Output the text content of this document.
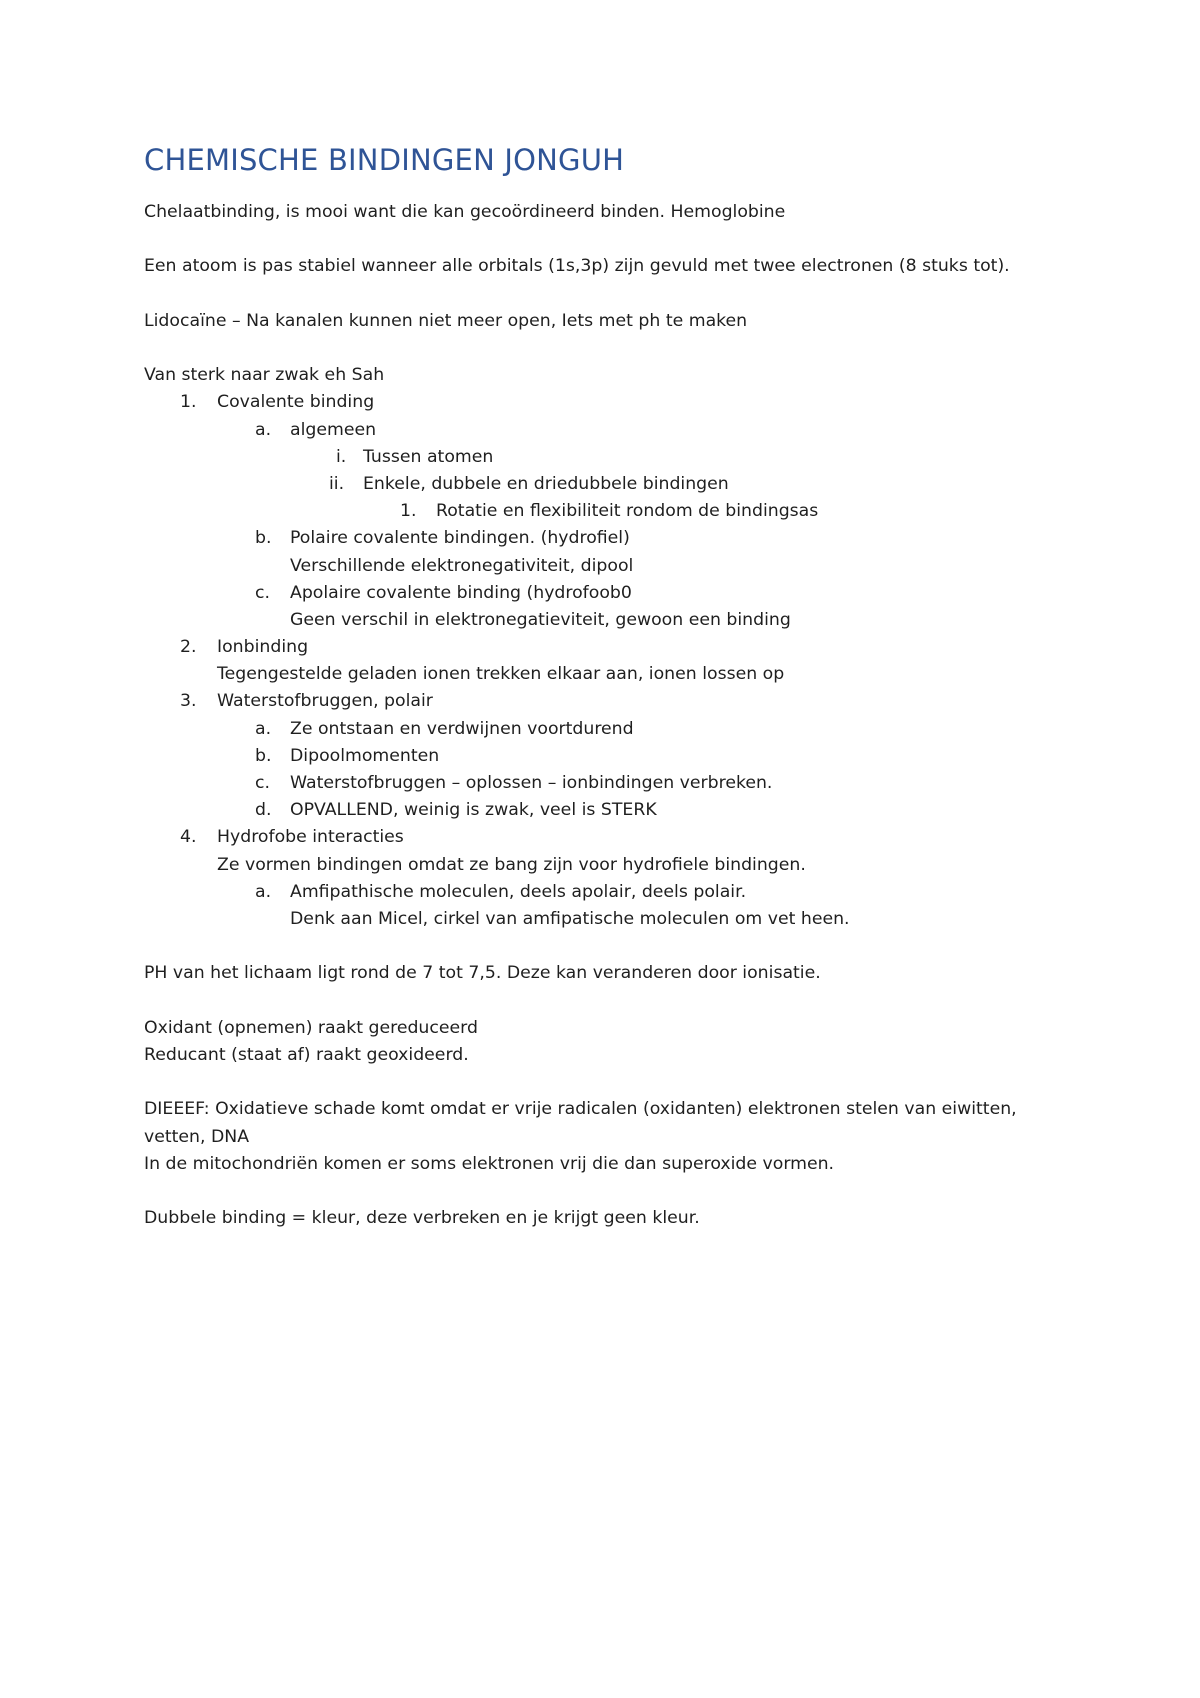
CHEMISCHE BINDINGEN JONGUH

Chelaatbinding, is mooi want die kan gecoördineerd binden. Hemoglobine

Een atoom is pas stabiel wanneer alle orbitals (1s,3p) zijn gevuld met twee electronen (8 stuks tot).

Lidocaïne – Na kanalen kunnen niet meer open, Iets met ph te maken

Van sterk naar zwak eh Sah

1. Covalente binding
a. algemeen
i. Tussen atomen
ii. Enkele, dubbele en driedubbele bindingen
1. Rotatie en flexibiliteit rondom de bindingsas
b. Polaire covalente bindingen. (hydrofiel)
Verschillende elektronegativiteit, dipool
c. Apolaire covalente binding (hydrofoob0
Geen verschil in elektronegatieviteit, gewoon een binding
2. Ionbinding
Tegengestelde geladen ionen trekken elkaar aan, ionen lossen op
3. Waterstofbruggen, polair
a. Ze ontstaan en verdwijnen voortdurend
b. Dipoolmomenten
c. Waterstofbruggen – oplossen – ionbindingen verbreken.
d. OPVALLEND, weinig is zwak, veel is STERK
4. Hydrofobe interacties
Ze vormen bindingen omdat ze bang zijn voor hydrofiele bindingen.
a. Amfipathische moleculen, deels apolair, deels polair.
Denk aan Micel, cirkel van amfipatische moleculen om vet heen.

PH van het lichaam ligt rond de 7 tot 7,5. Deze kan veranderen door ionisatie.

Oxidant (opnemen) raakt gereduceerd

Reducant (staat af) raakt geoxideerd.

DIEEEF: Oxidatieve schade komt omdat er vrije radicalen (oxidanten) elektronen stelen van eiwitten,

vetten, DNA

In de mitochondriën komen er soms elektronen vrij die dan superoxide vormen.

Dubbele binding = kleur, deze verbreken en je krijgt geen kleur.
